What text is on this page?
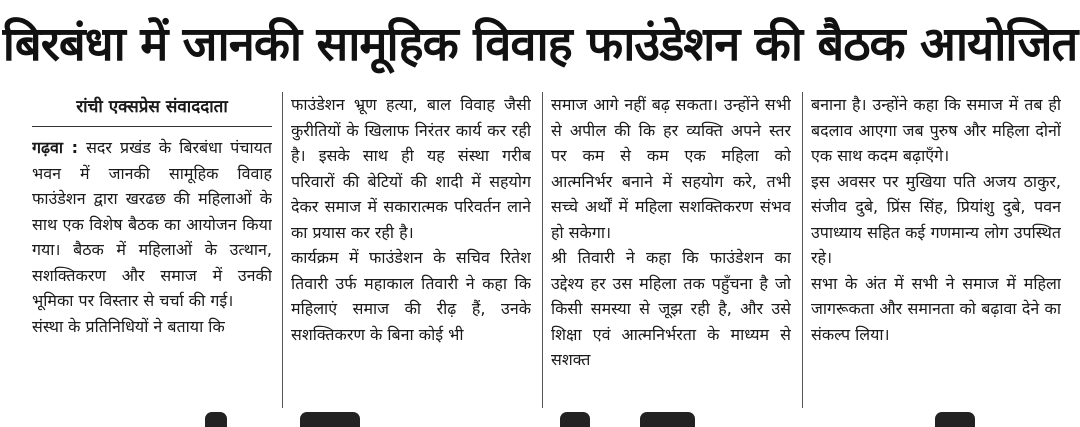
बिरबंधा में जानकी सामूहिक विवाह फाउंडेशन की बैठक आयोजित
रांची एक्सप्रेस संवाददाता

गढ़वा : सदर प्रखंड के बिरबंधा पंचायत भवन में जानकी सामूहिक विवाह फाउंडेशन द्वारा खरढछ की महिलाओं के साथ एक विशेष बैठक का आयोजन किया गया। बैठक में महिलाओं के उत्थान, सशक्तिकरण और समाज में उनकी भूमिका पर विस्तार से चर्चा की गई।

संस्था के प्रतिनिधियों ने बताया कि

फाउंडेशन भ्रूण हत्या, बाल विवाह जैसी कुरीतियों के खिलाफ निरंतर कार्य कर रही है। इसके साथ ही यह संस्था गरीब परिवारों की बेटियों की शादी में सहयोग देकर समाज में सकारात्मक परिवर्तन लाने का प्रयास कर रही है।

कार्यक्रम में फाउंडेशन के सचिव रितेश तिवारी उर्फ महाकाल तिवारी ने कहा कि महिलाएं समाज की रीढ़ हैं, उनके सशक्तिकरण के बिना कोई भी

समाज आगे नहीं बढ़ सकता। उन्होंने सभी से अपील की कि हर व्यक्ति अपने स्तर पर कम से कम एक महिला को आत्मनिर्भर बनाने में सहयोग करे, तभी सच्चे अर्थों में महिला सशक्तिकरण संभव हो सकेगा।

श्री तिवारी ने कहा कि फाउंडेशन का उद्देश्य हर उस महिला तक पहुँचना है जो किसी समस्या से जूझ रही है, और उसे शिक्षा एवं आत्मनिर्भरता के माध्यम से सशक्त

बनाना है। उन्होंने कहा कि समाज में तब ही बदलाव आएगा जब पुरुष और महिला दोनों एक साथ कदम बढ़ाएँगे।

इस अवसर पर मुखिया पति अजय ठाकुर, संजीव दुबे, प्रिंस सिंह, प्रियांशु दुबे, पवन उपाध्याय सहित कई गणमान्य लोग उपस्थित रहे।

सभा के अंत में सभी ने समाज में महिला जागरूकता और समानता को बढ़ावा देने का संकल्प लिया।
